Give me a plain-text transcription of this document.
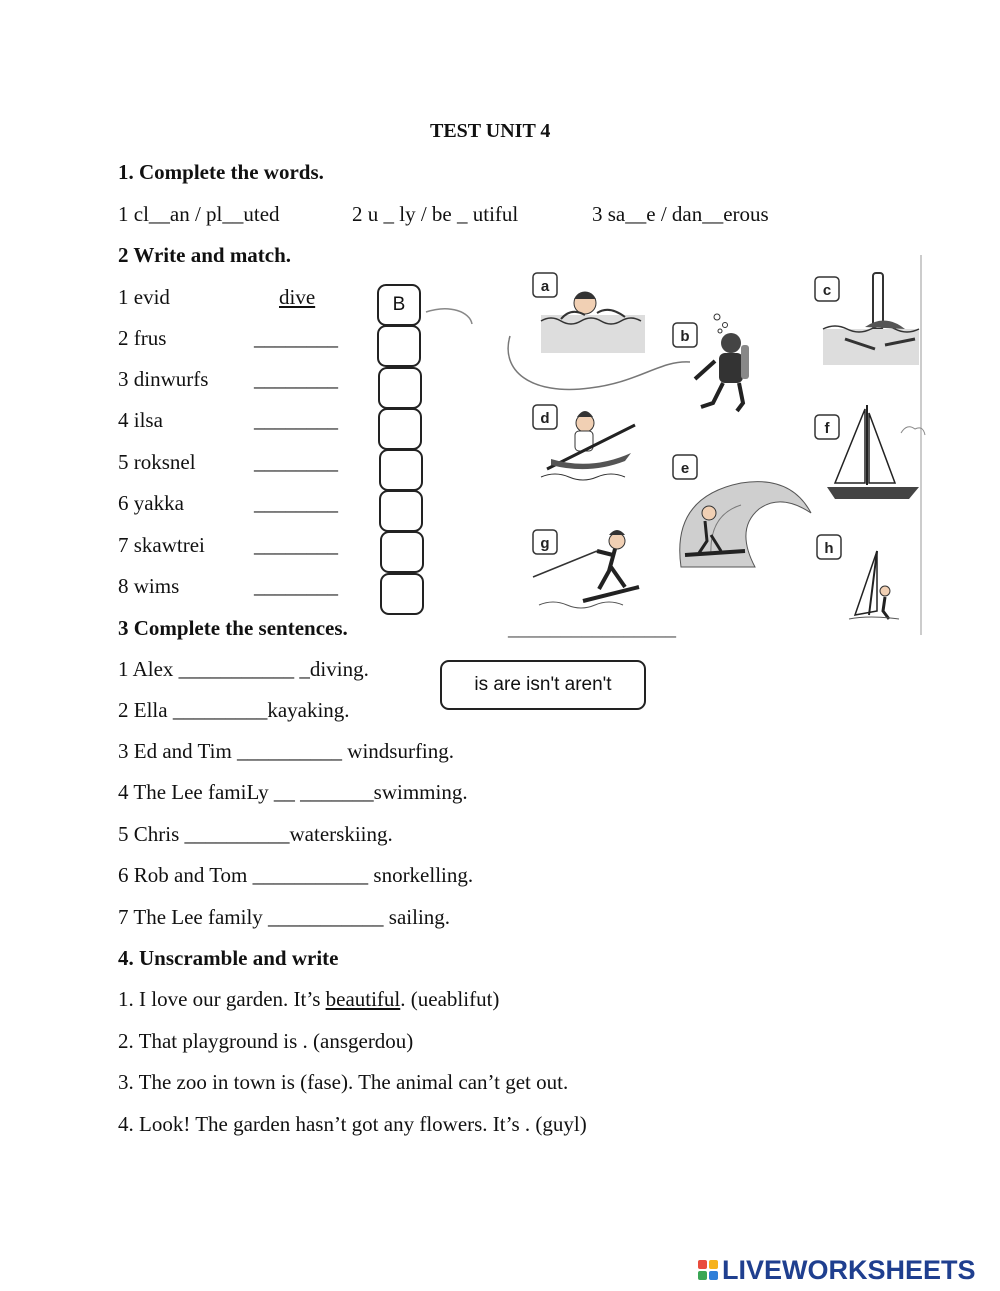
TEST UNIT 4
1. Complete the words.
1 cl__an / pl__uted	2 u _ ly / be _ utiful	3 sa__e / dan__erous
2 Write and match.
1 evid	dive
2 frus	________
3 dinwurfs ________
4 ilsa	________
5 roksnel	________
6 yakka	________
7 skawtrei ________
8 wims	________
B
a
b
c
d
e
f
g	h
________________
3 Complete the sentences.
is are isn't aren't
1 Alex ___________ _diving.
2 Ella _________kayaking.
3 Ed and Tim __________ windsurfing.
4 The Lee famiLy __ _______swimming.
5 Chris __________waterskiing.
6 Rob and Tom ___________ snorkelling.
7 The Lee family ___________ sailing.
4. Unscramble and write
1. I love our garden. It’s beautiful. (ueablifut)
2. That playground is . (ansgerdou)
3. The zoo in town is (fase). The animal can’t get out.
4. Look! The garden hasn’t got any flowers. It’s . (guyl)
LIVEWORKSHEETS
